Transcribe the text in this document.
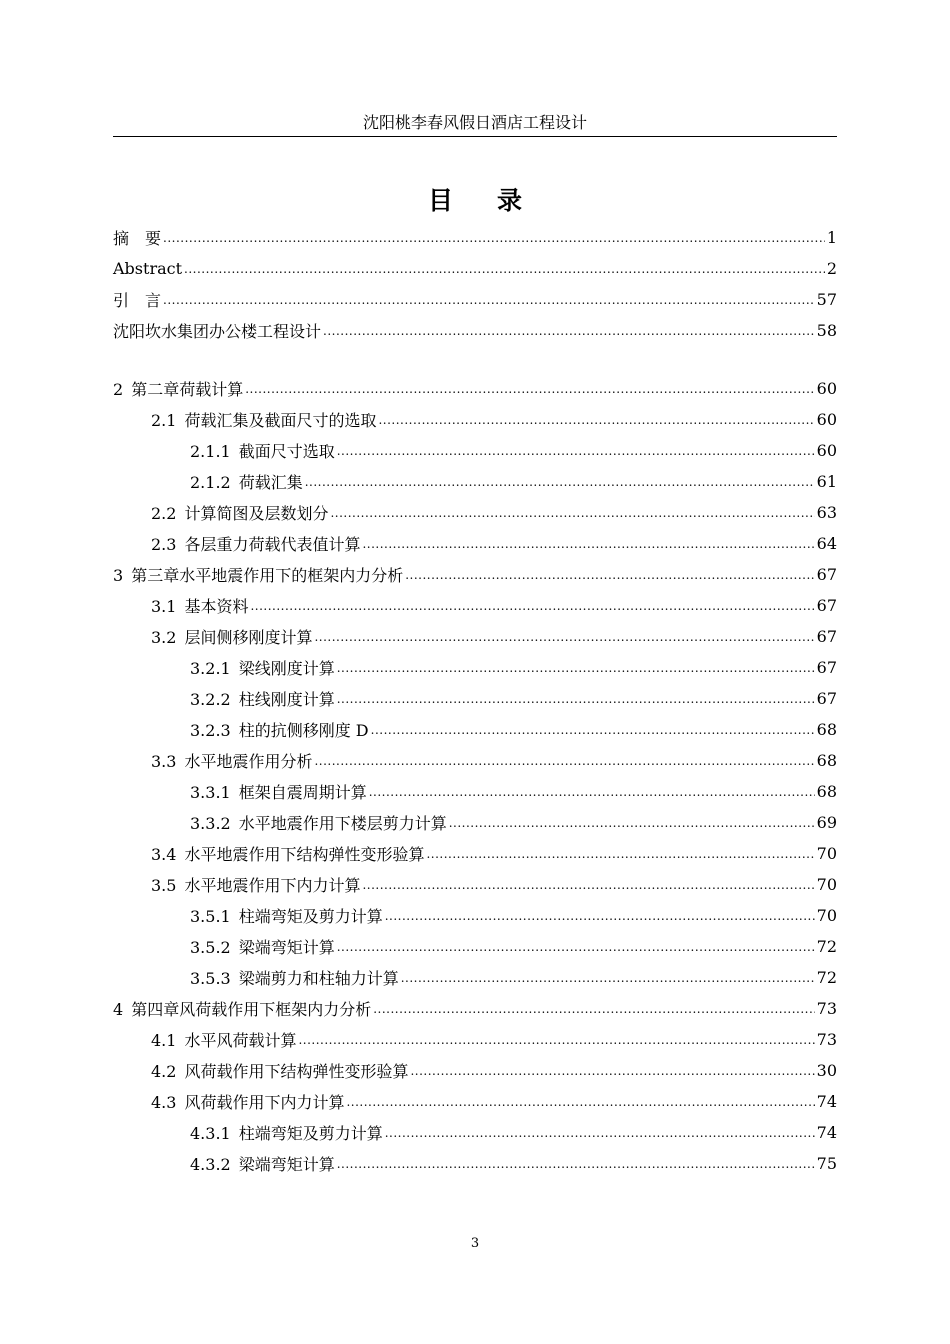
沈阳桃李春风假日酒店工程设计
目录
摘　要 .....	1
Abstract .....	2
引　言 .....	57
沈阳坎水集团办公楼工程设计 .....	58
2 第二章荷载计算 .....	60
2.1 荷载汇集及截面尺寸的选取 .....	60
2.1.1 截面尺寸选取 .....	60
2.1.2 荷载汇集 .....	61
2.2 计算简图及层数划分 .....	63
2.3 各层重力荷载代表值计算 .....	64
3 第三章水平地震作用下的框架内力分析 .....	67
3.1 基本资料 .....	67
3.2 层间侧移刚度计算 .....	67
3.2.1 梁线刚度计算 .....	67
3.2.2 柱线刚度计算 .....	67
3.2.3 柱的抗侧移刚度 D .....	68
3.3 水平地震作用分析 .....	68
3.3.1 框架自震周期计算 .....	68
3.3.2 水平地震作用下楼层剪力计算 .....	69
3.4 水平地震作用下结构弹性变形验算 .....	70
3.5 水平地震作用下内力计算 .....	70
3.5.1 柱端弯矩及剪力计算 .....	70
3.5.2 梁端弯矩计算 .....	72
3.5.3 梁端剪力和柱轴力计算 .....	72
4 第四章风荷载作用下框架内力分析 .....	73
4.1 水平风荷载计算 .....	73
4.2 风荷载作用下结构弹性变形验算 .....	30
4.3 风荷载作用下内力计算 .....	74
4.3.1 柱端弯矩及剪力计算 .....	74
4.3.2 梁端弯矩计算 .....	75
3
